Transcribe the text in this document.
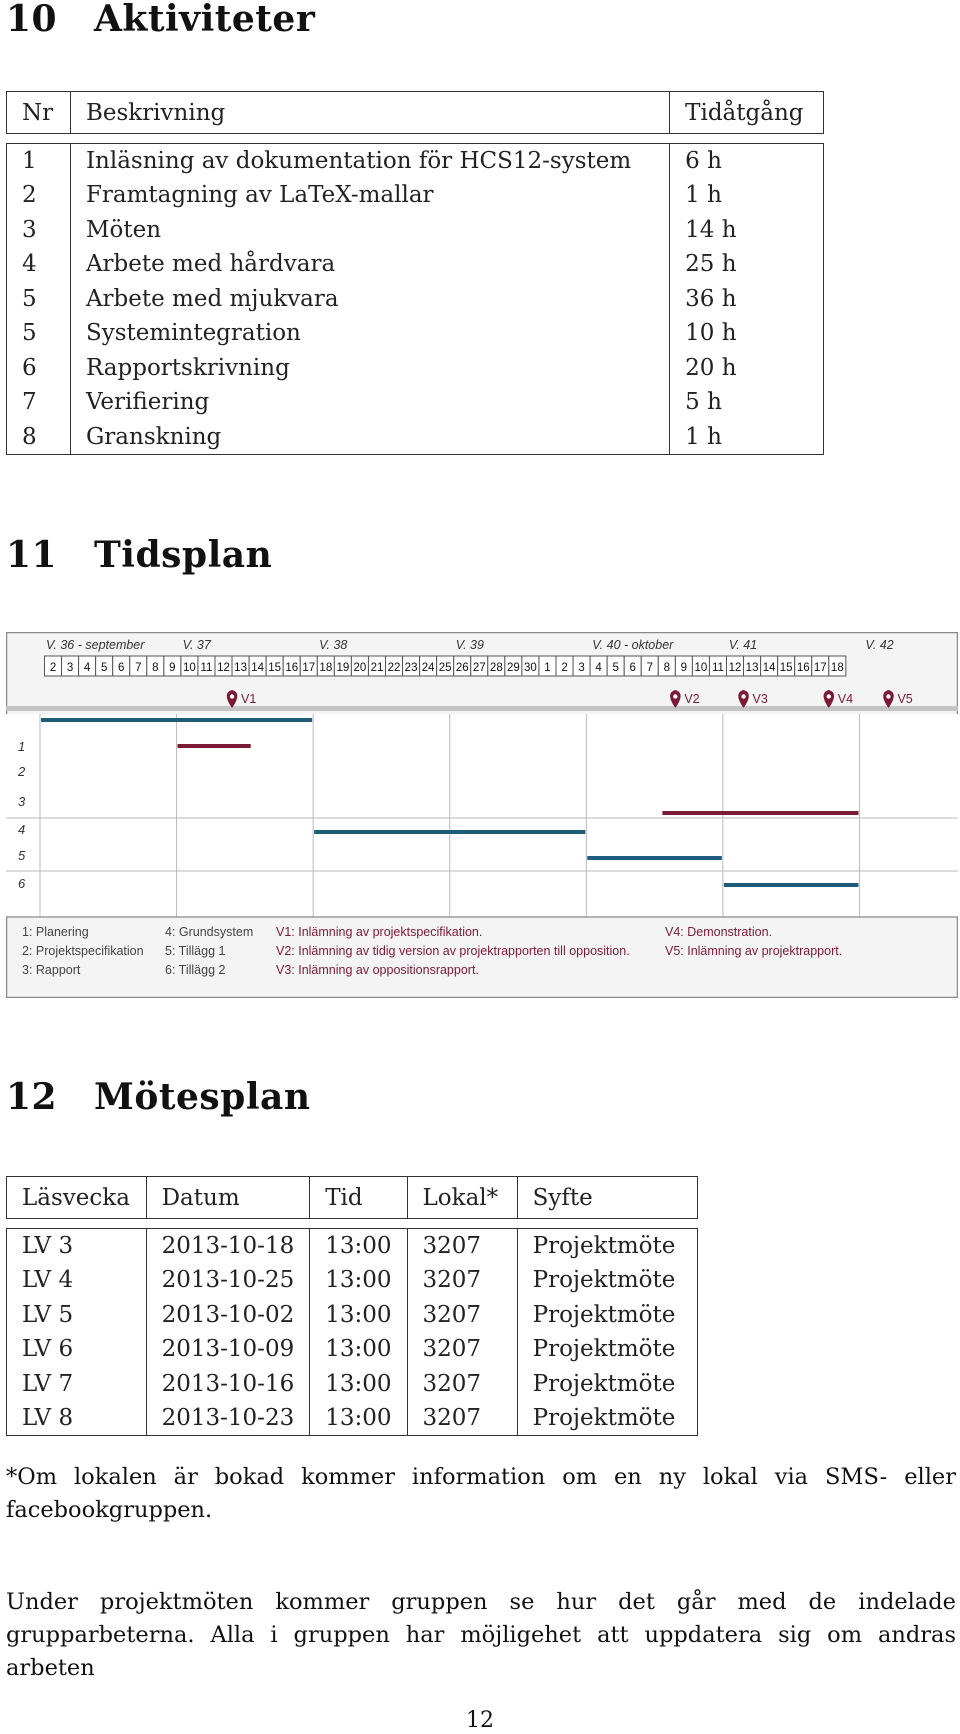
10 Aktiviteter
Nr	Beskrivning	Tidåtgång

1	Inläsning av dokumentation för HCS12-system	6 h
2	Framtagning av LaTeX-mallar	1 h
3	Möten	14 h
4	Arbete med hårdvara	25 h
5	Arbete med mjukvara	36 h
5	Systemintegration	10 h
6	Rapportskrivning	20 h
7	Verifiering	5 h
8	Granskning	1 h
11 Tidsplan
V. 36 - september	V. 37	V. 38	V. 39	V. 40 - oktober	V. 41	V. 42
2 3 4 5 6 7 8 9 10 11 12 13 14 15 16 17 18 19 20 21 22 23 24 25 26 27 28 29 30 1 2 3 4 5 6 7 8 9 10 11 12 13 14 15 16 17 18
V1	V2	V3	V4	V5
1
2
3
4
5
6
1: Planering
2: Projektspecifikation
3: Rapport
4: Grundsystem
5: Tillägg 1
6: Tillägg 2
V1: Inlämning av projektspecifikation.
V2: Inlämning av tidig version av projektrapporten till opposition.
V3: Inlämning av oppositionsrapport.
V4: Demonstration.
V5: Inlämning av projektrapport.
12 Mötesplan
Läsvecka	Datum	Tid	Lokal*	Syfte

LV 3	2013-10-18	13:00	3207	Projektmöte
LV 4	2013-10-25	13:00	3207	Projektmöte
LV 5	2013-10-02	13:00	3207	Projektmöte
LV 6	2013-10-09	13:00	3207	Projektmöte
LV 7	2013-10-16	13:00	3207	Projektmöte
LV 8	2013-10-23	13:00	3207	Projektmöte

*Om lokalen är bokad kommer information om en ny lokal via SMS- eller facebookgruppen.

Under projektmöten kommer gruppen se hur det går med de indelade grupparbeterna. Alla i gruppen har möjligehet att uppdatera sig om andras arbeten

12
